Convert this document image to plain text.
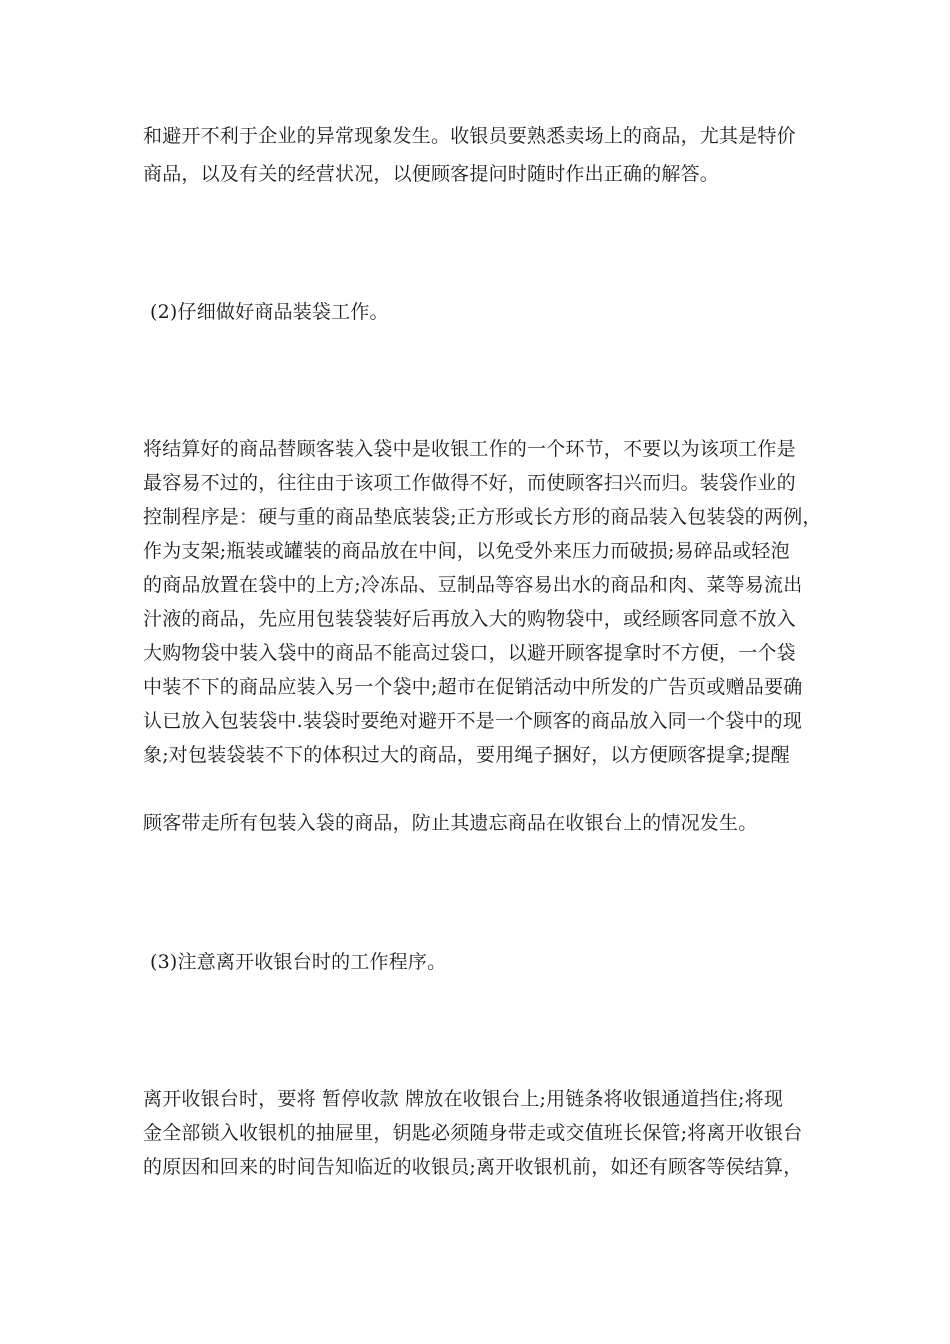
和避开不利于企业的异常现象发生。收银员要熟悉卖场上的商品，尤其是特价
商品，以及有关的经营状况，以便顾客提问时随时作出正确的解答。
(2)仔细做好商品装袋工作。
将结算好的商品替顾客装入袋中是收银工作的一个环节，不要以为该项工作是
最容易不过的，往往由于该项工作做得不好，而使顾客扫兴而归。装袋作业的
控制程序是：硬与重的商品垫底装袋;正方形或长方形的商品装入包装袋的两例，
作为支架;瓶装或罐装的商品放在中间，以免受外来压力而破损;易碎品或轻泡
的商品放置在袋中的上方;冷冻品、豆制品等容易出水的商品和肉、菜等易流出
汁液的商品，先应用包装袋装好后再放入大的购物袋中，或经顾客同意不放入
大购物袋中装入袋中的商品不能高过袋口，以避开顾客提拿时不方便，一个袋
中装不下的商品应装入另一个袋中;超市在促销活动中所发的广告页或赠品要确
认已放入包装袋中.装袋时要绝对避开不是一个顾客的商品放入同一个袋中的现
象;对包装袋装不下的体积过大的商品，要用绳子捆好，以方便顾客提拿;提醒
顾客带走所有包装入袋的商品，防止其遗忘商品在收银台上的情况发生。
(3)注意离开收银台时的工作程序。
离开收银台时，要将 暂停收款 牌放在收银台上;用链条将收银通道挡住;将现
金全部锁入收银机的抽屉里，钥匙必须随身带走或交值班长保管;将离开收银台
的原因和回来的时间告知临近的收银员;离开收银机前，如还有顾客等侯结算，
